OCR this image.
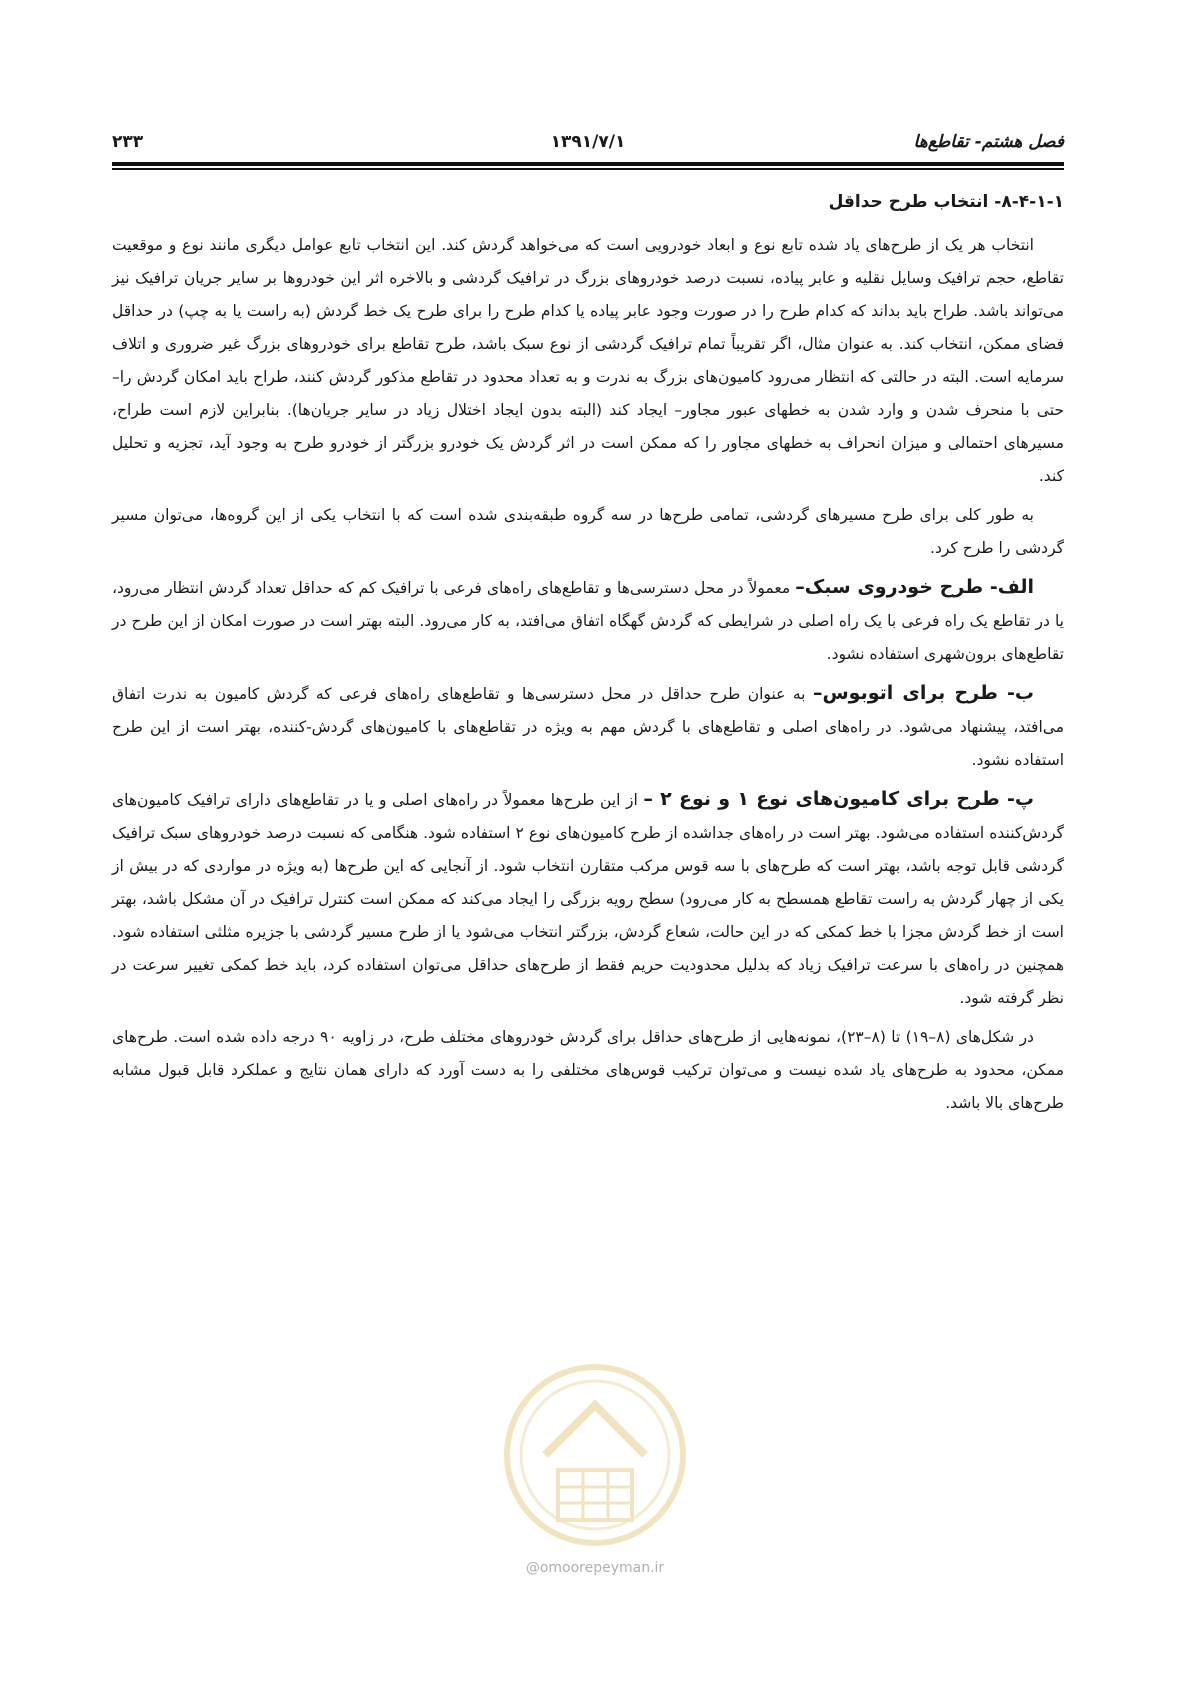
فصل هشتم- تقاطع‌ها
۱۳۹۱/۷/۱
۲۳۳
۸-۴-۱-۱- انتخاب طرح حداقل

انتخاب هر یک از طرح‌های یاد شده تابع نوع و ابعاد خودرویی است که می‌خواهد گردش کند. این انتخاب تابع عوامل دیگری مانند نوع و موقعیت تقاطع، حجم ترافیک وسایل نقلیه و عابر پیاده، نسبت درصد خودروهای بزرگ در ترافیک گردشی و بالاخره اثر این خودروها بر سایر جریان ترافیک نیز می‌تواند باشد. طراح باید بداند که کدام طرح را در صورت وجود عابر پیاده یا کدام طرح را برای طرح یک خط گردش (به راست یا به چپ) در حداقل فضای ممکن، انتخاب کند. به عنوان مثال، اگر تقریباً تمام ترافیک گردشی از نوع سبک باشد، طرح تقاطع برای خودروهای بزرگ غیر ضروری و اتلاف سرمایه است. البته در حالتی که انتظار می‌رود کامیون‌های بزرگ به ندرت و به تعداد محدود در تقاطع مذکور گردش کنند، طراح باید امکان گردش را– حتی با منحرف شدن و وارد شدن به خطهای عبور مجاور– ایجاد کند (البته بدون ایجاد اختلال زیاد در سایر جریان‌ها). بنابراین لازم است طراح، مسیرهای احتمالی و میزان انحراف به خطهای مجاور را که ممکن است در اثر گردش یک خودرو بزرگتر از خودرو طرح به وجود آید، تجزیه و تحلیل کند.

به طور کلی برای طرح مسیرهای گردشی، تمامی طرح‌ها در سه گروه طبقه‌بندی شده است که با انتخاب یکی از این گروه‌ها، می‌توان مسیر گردشی را طرح کرد.

الف- طرح خودروی سبک– معمولاً در محل دسترسی‌ها و تقاطع‌های راه‌های فرعی با ترافیک کم که حداقل تعداد گردش انتظار می‌رود، یا در تقاطع یک راه فرعی با یک راه اصلی در شرایطی که گردش گهگاه اتفاق می‌افتد، به کار می‌رود. البته بهتر است در صورت امکان از این طرح در تقاطع‌های برون‌شهری استفاده نشود.

ب- طرح برای اتوبوس– به عنوان طرح حداقل در محل دسترسی‌ها و تقاطع‌های راه‌های فرعی که گردش کامیون به ندرت اتفاق می‌افتد، پیشنهاد می‌شود. در راه‌های اصلی و تقاطع‌های با گردش مهم به ویژه در تقاطع‌های با کامیون‌های گردش-کننده، بهتر است از این طرح استفاده نشود.

پ- طرح برای کامیون‌های نوع ۱ و نوع ۲ – از این طرح‌ها معمولاً در راه‌های اصلی و یا در تقاطع‌های دارای ترافیک کامیون‌های گردش‌کننده استفاده می‌شود. بهتر است در راه‌های جداشده از طرح کامیون‌های نوع ۲ استفاده شود. هنگامی که نسبت درصد خودروهای سبک ترافیک گردشی قابل توجه باشد، بهتر است که طرح‌های با سه قوس مرکب متقارن انتخاب شود. از آنجایی که این طرح‌ها (به ویژه در مواردی که در بیش از یکی از چهار گردش به راست تقاطع همسطح به کار می‌رود) سطح رویه بزرگی را ایجاد می‌کند که ممکن است کنترل ترافیک در آن مشکل باشد، بهتر است از خط گردش مجزا با خط کمکی که در این حالت، شعاع گردش، بزرگتر انتخاب می‌شود یا از طرح مسیر گردشی با جزیره مثلثی استفاده شود. همچنین در راه‌های با سرعت ترافیک زیاد که بدلیل محدودیت حریم فقط از طرح‌های حداقل می‌توان استفاده کرد، باید خط کمکی تغییر سرعت در نظر گرفته شود.

در شکل‌های (۸–۱۹) تا (۸–۲۳)، نمونه‌هایی از طرح‌های حداقل برای گردش خودروهای مختلف طرح، در زاویه ۹۰ درجه داده شده است. طرح‌های ممکن، محدود به طرح‌های یاد شده نیست و می‌توان ترکیب قوس‌های مختلفی را به دست آورد که دارای همان نتایج و عملکرد قابل قبول مشابه طرح‌های بالا باشد.

@omoorepeyman.ir
